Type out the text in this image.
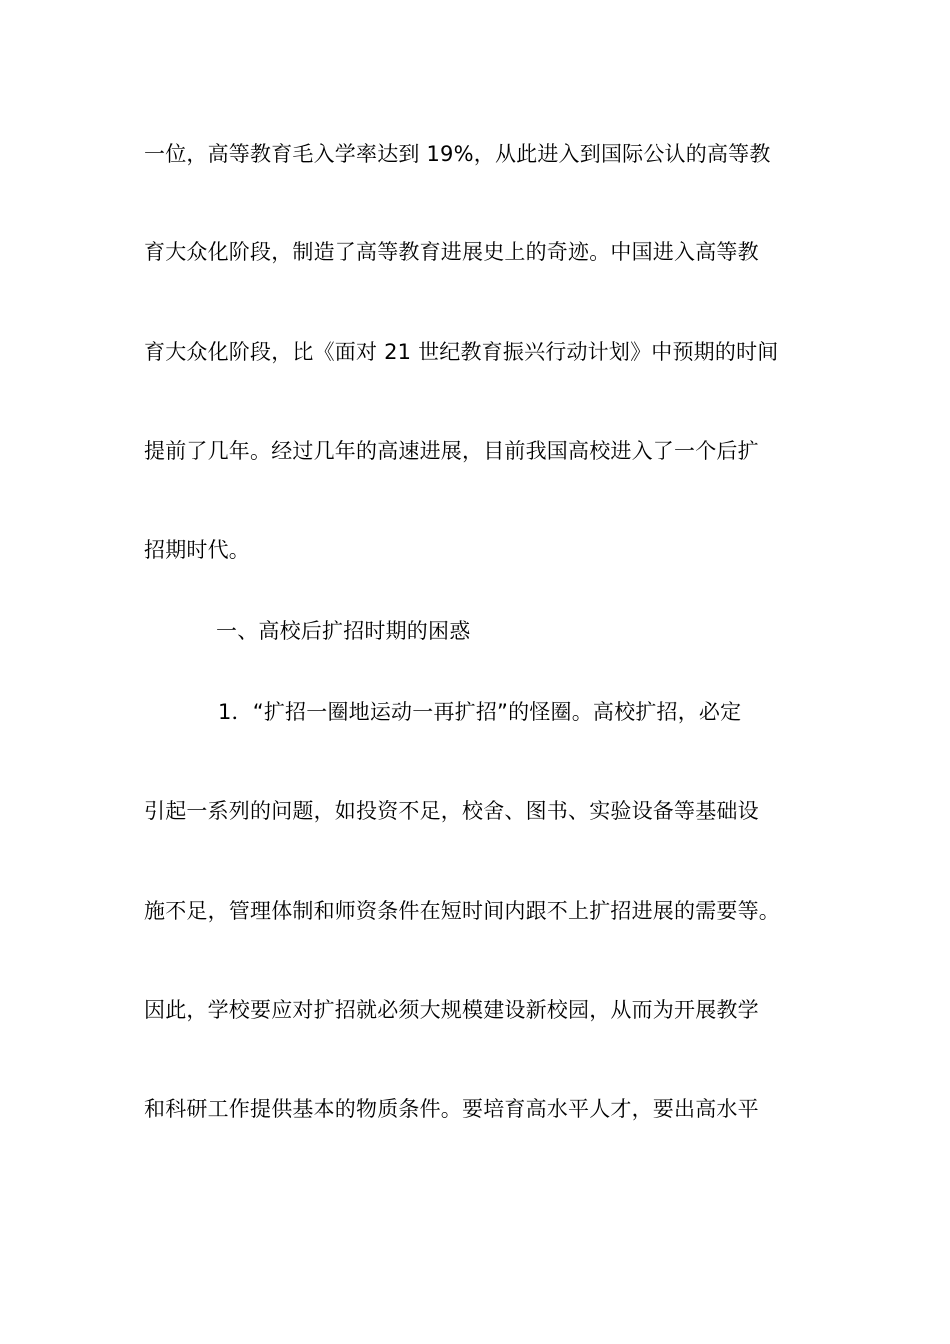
一位，高等教育毛入学率达到 19%，从此进入到国际公认的高等教
育大众化阶段，制造了高等教育进展史上的奇迹。中国进入高等教
育大众化阶段，比《面对 21 世纪教育振兴行动计划》中预期的时间
提前了几年。经过几年的高速进展，目前我国高校进入了一个后扩
招期时代。
一、高校后扩招时期的困惑
1．“扩招一圈地运动一再扩招”的怪圈。高校扩招，必定
引起一系列的问题，如投资不足，校舍、图书、实验设备等基础设
施不足，管理体制和师资条件在短时间内跟不上扩招进展的需要等。
因此，学校要应对扩招就必须大规模建设新校园，从而为开展教学
和科研工作提供基本的物质条件。要培育高水平人才，要出高水平
